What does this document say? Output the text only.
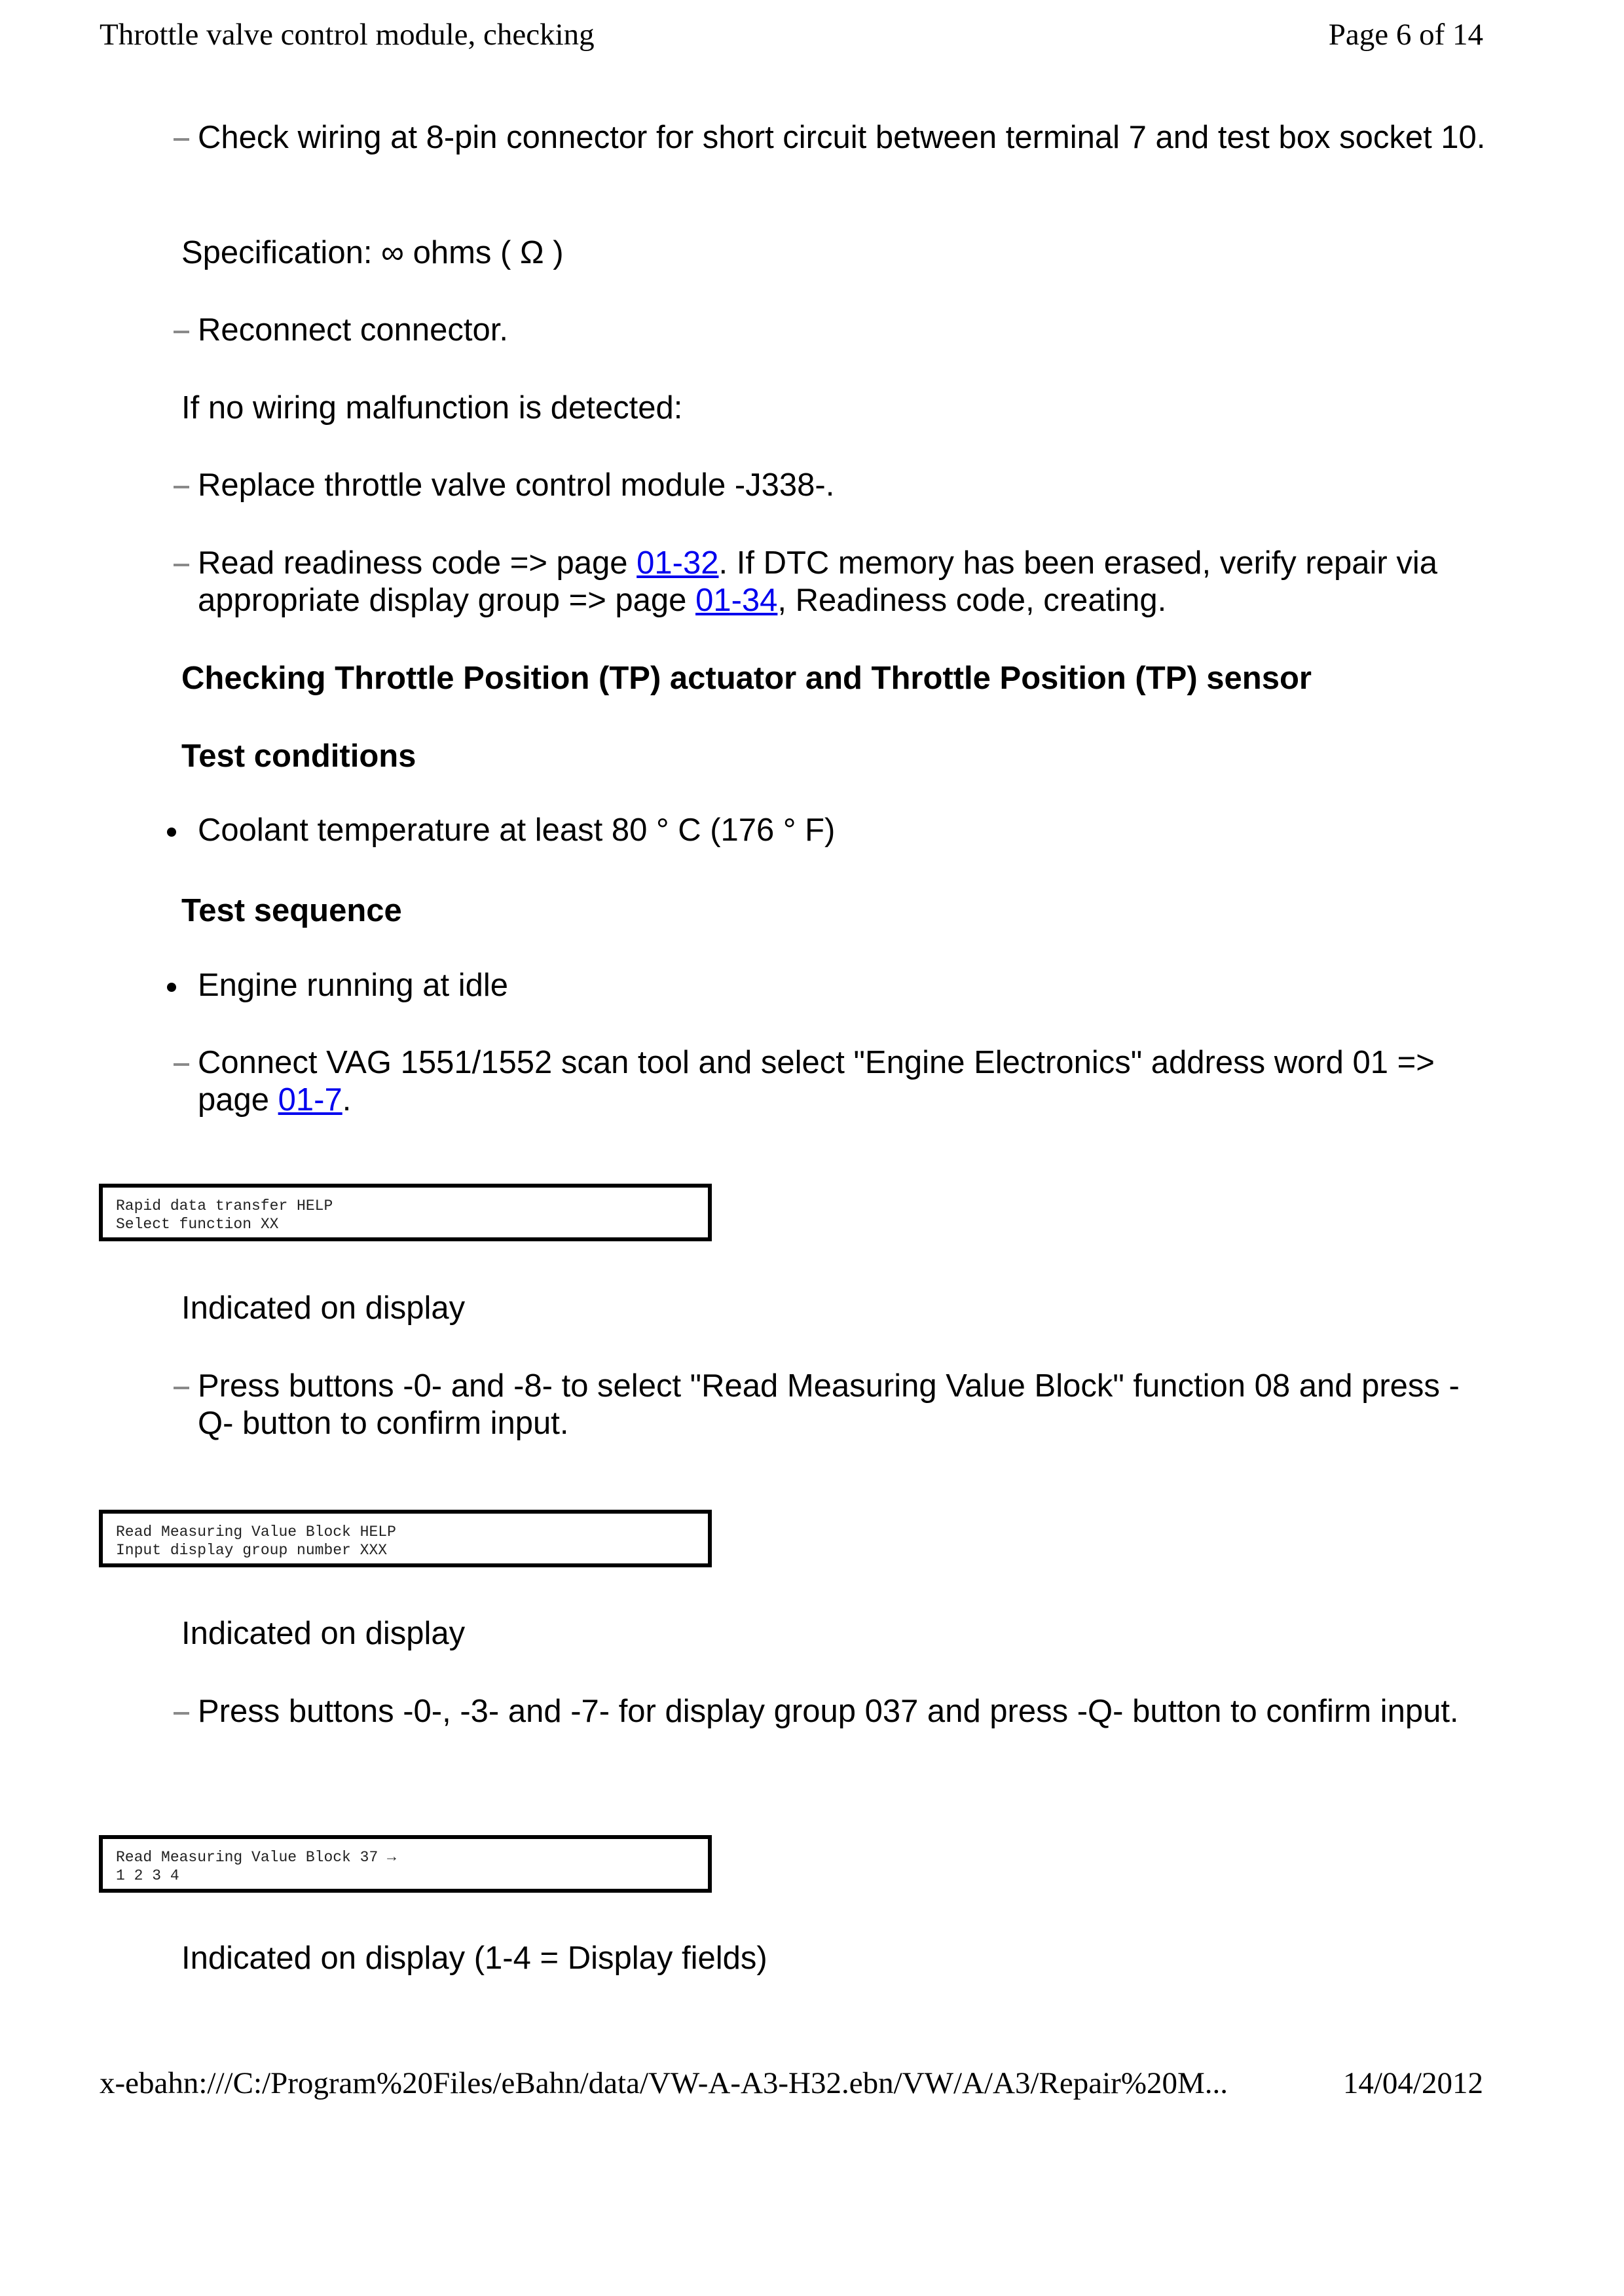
Throttle valve control module, checking	Page 6 of 14
Check wiring at 8-pin connector for short circuit between terminal 7 and test box socket 10.
Specification: ∞ ohms ( Ω )
Reconnect connector.
If no wiring malfunction is detected:
Replace throttle valve control module -J338-.
Read readiness code => page 01-32. If DTC memory has been erased, verify repair via appropriate display group => page 01-34, Readiness code, creating.
Checking Throttle Position (TP) actuator and Throttle Position (TP) sensor
Test conditions
Coolant temperature at least 80 ° C (176 ° F)
Test sequence
Engine running at idle
Connect VAG 1551/1552 scan tool and select "Engine Electronics" address word 01 => page 01-7.
Rapid data transfer HELP
Select function XX
Indicated on display
Press buttons -0- and -8- to select "Read Measuring Value Block" function 08 and press -Q- button to confirm input.
Read Measuring Value Block HELP
Input display group number XXX
Indicated on display
Press buttons -0-, -3- and -7- for display group 037 and press -Q- button to confirm input.
Read Measuring Value Block 37 →
1 2 3 4
Indicated on display (1-4 = Display fields)
x-ebahn:///C:/Program%20Files/eBahn/data/VW-A-A3-H32.ebn/VW/A/A3/Repair%20M...	14/04/2012
